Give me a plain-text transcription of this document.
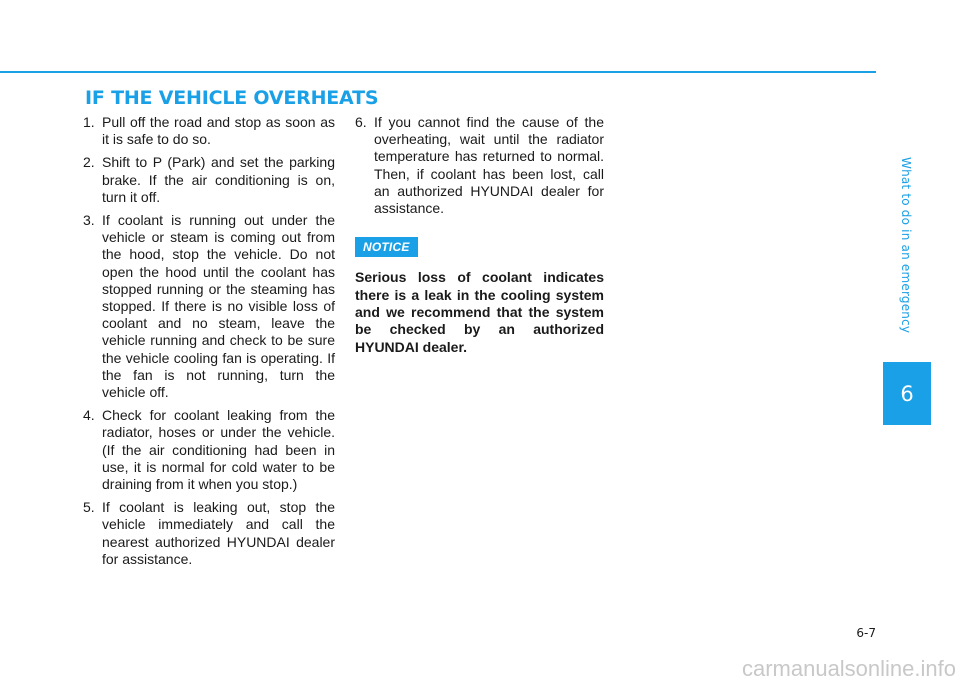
IF THE VEHICLE OVERHEATS
1. Pull off the road and stop as soon as it is safe to do so.
2. Shift to P (Park) and set the parking brake. If the air conditioning is on, turn it off.
3. If coolant is running out under the vehicle or steam is coming out from the hood, stop the vehicle. Do not open the hood until the coolant has stopped running or the steaming has stopped. If there is no visible loss of coolant and no steam, leave the vehicle running and check to be sure the vehicle cooling fan is operating. If the fan is not running, turn the vehicle off.
4. Check for coolant leaking from the radiator, hoses or under the vehicle. (If the air conditioning had been in use, it is normal for cold water to be draining from it when you stop.)
5. If coolant is leaking out, stop the vehicle immediately and call the nearest authorized HYUNDAI dealer for assistance.
6. If you cannot find the cause of the overheating, wait until the radiator temperature has returned to normal. Then, if coolant has been lost, call an authorized HYUNDAI dealer for assistance.
NOTICE

Serious loss of coolant indicates there is a leak in the cooling system and we recommend that the system be checked by an authorized HYUNDAI dealer.

What to do in an emergency
6
6-7
carmanualsonline.info
